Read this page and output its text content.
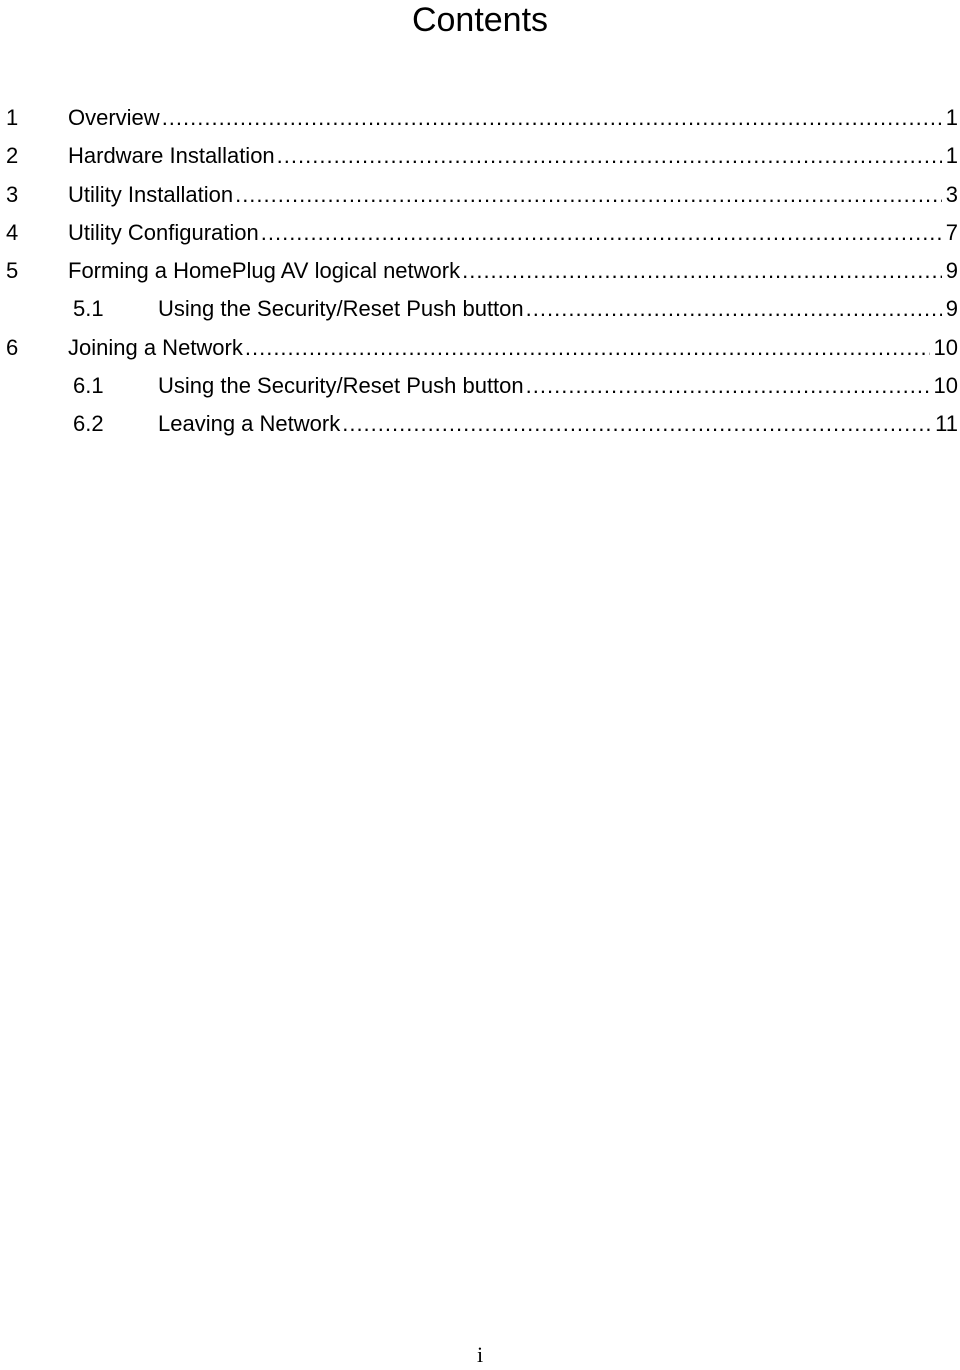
Contents
1	Overview .....	1
2	Hardware Installation .....	1
3	Utility Installation .....	3
4	Utility Configuration .....	7
5	Forming a HomePlug AV logical network .....	9
5.1	Using the Security/Reset Push button .....	9
6	Joining a Network .....	10
6.1	Using the Security/Reset Push button .....	10
6.2	Leaving a Network .....	11
i
